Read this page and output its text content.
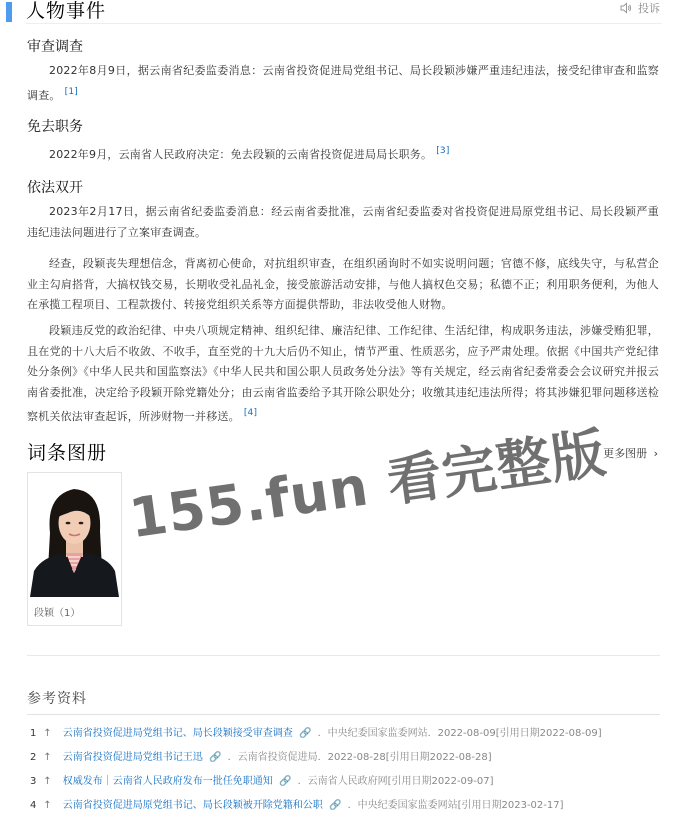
人物事件	投诉
审查调查
2022年8月9日，据云南省纪委监委消息：云南省投资促进局党组书记、局长段颖涉嫌严重违纪违法，接受纪律审查和监察调查。 [1]
免去职务
2022年9月，云南省人民政府决定：免去段颖的云南省投资促进局局长职务。 [3]
依法双开
2023年2月17日，据云南省纪委监委消息：经云南省委批准，云南省纪委监委对省投资促进局原党组书记、局长段颖严重违纪违法问题进行了立案审查调查。
经查，段颖丧失理想信念，背离初心使命，对抗组织审查，在组织函询时不如实说明问题；官德不修，底线失守，与私营企业主勾肩搭背，大搞权钱交易，长期收受礼品礼金，接受旅游活动安排，与他人搞权色交易；私德不正；利用职务便利，为他人在承揽工程项目、工程款拨付、转接党组织关系等方面提供帮助，非法收受他人财物。
段颖违反党的政治纪律、中央八项规定精神、组织纪律、廉洁纪律、工作纪律、生活纪律，构成职务违法，涉嫌受贿犯罪，且在党的十八大后不收敛、不收手，直至党的十九大后仍不知止，情节严重、性质恶劣，应予严肃处理。依据《中国共产党纪律处分条例》《中华人民共和国监察法》《中华人民共和国公职人员政务处分法》等有关规定，经云南省纪委常委会会议研究并报云南省委批准，决定给予段颖开除党籍处分；由云南省监委给予其开除公职处分；收缴其违纪违法所得；将其涉嫌犯罪问题移送检察机关依法审查起诉，所涉财物一并移送。 [4]
词条图册	更多图册 ›
段颖（1）
155.fun 看完整版
参考资料
1 ↑ 云南省投资促进局党组书记、局长段颖接受审查调查 🔗 ．中央纪委国家监委网站．2022-08-09[引用日期2022-08-09]
2 ↑ 云南省投资促进局党组书记王迅 🔗 ．云南省投资促进局．2022-08-28[引用日期2022-08-28]
3 ↑ 权威发布｜云南省人民政府发布一批任免职通知 🔗 ．云南省人民政府网[引用日期2022-09-07]
4 ↑ 云南省投资促进局原党组书记、局长段颖被开除党籍和公职 🔗 ．中央纪委国家监委网站[引用日期2023-02-17]
